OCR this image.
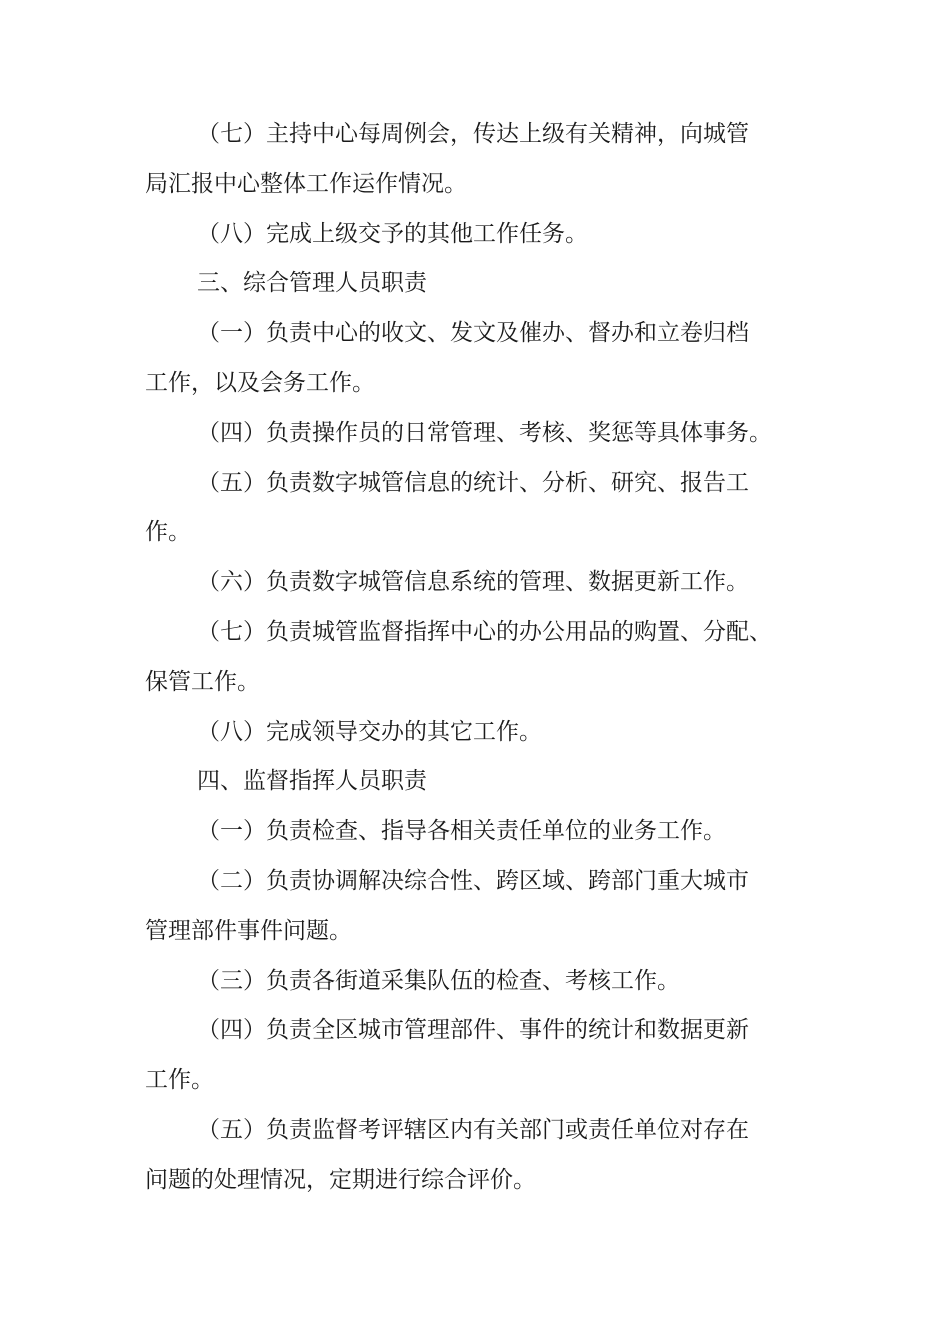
（七）主持中心每周例会，传达上级有关精神，向城管
局汇报中心整体工作运作情况。
（八）完成上级交予的其他工作任务。
三、综合管理人员职责
（一）负责中心的收文、发文及催办、督办和立卷归档
工作，以及会务工作。
（四）负责操作员的日常管理、考核、奖惩等具体事务。
（五）负责数字城管信息的统计、分析、研究、报告工
作。
（六）负责数字城管信息系统的管理、数据更新工作。
（七）负责城管监督指挥中心的办公用品的购置、分配、
保管工作。
（八）完成领导交办的其它工作。
四、监督指挥人员职责
（一）负责检查、指导各相关责任单位的业务工作。
（二）负责协调解决综合性、跨区域、跨部门重大城市
管理部件事件问题。
（三）负责各街道采集队伍的检查、考核工作。
（四）负责全区城市管理部件、事件的统计和数据更新
工作。
（五）负责监督考评辖区内有关部门或责任单位对存在
问题的处理情况，定期进行综合评价。
